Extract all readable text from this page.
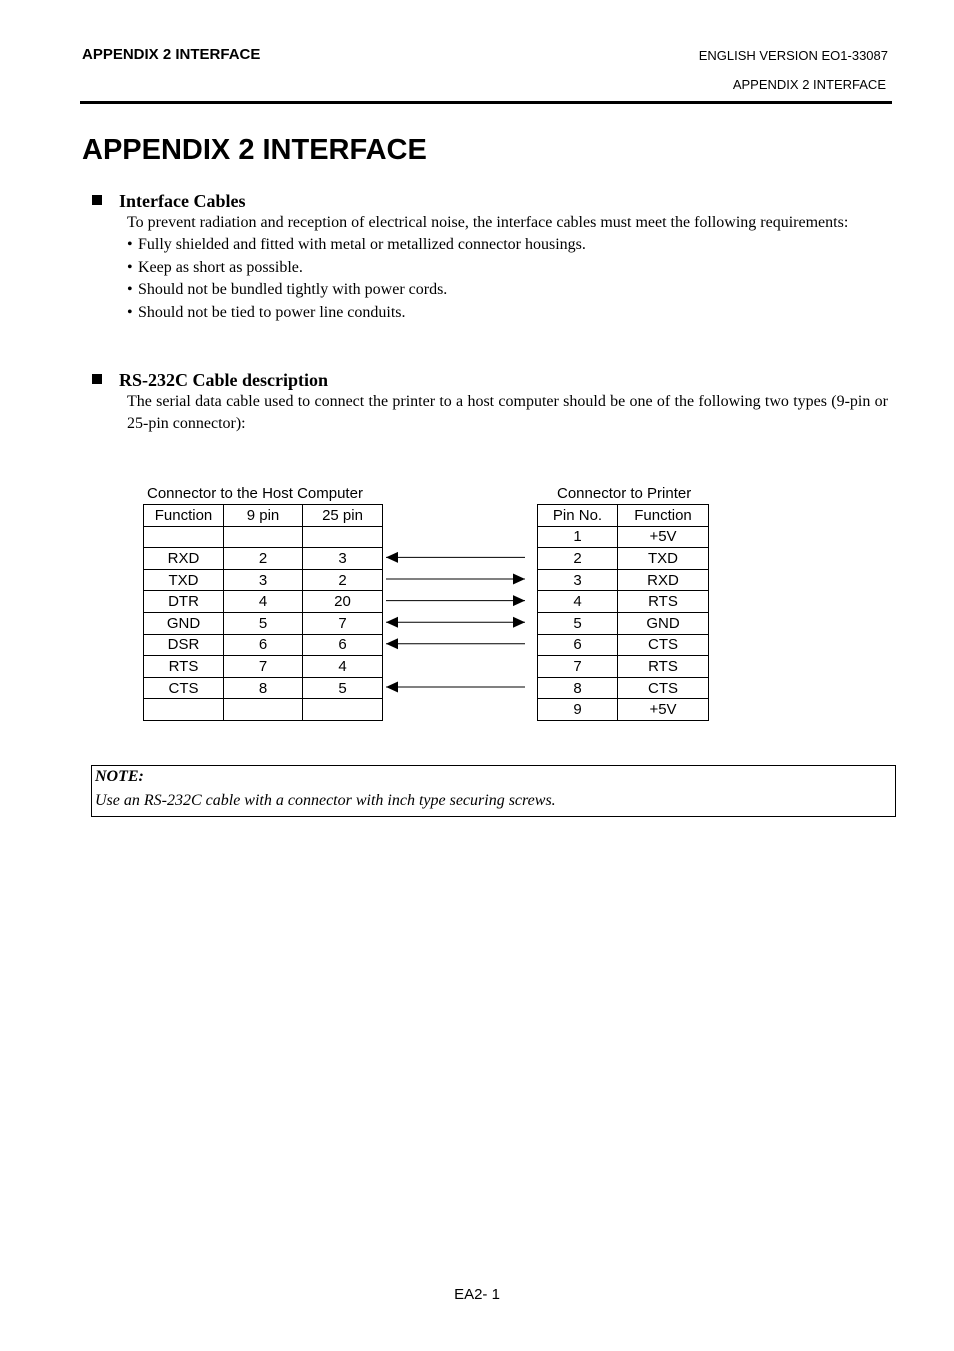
APPENDIX 2 INTERFACE	ENGLISH VERSION EO1-33087
APPENDIX 2 INTERFACE
APPENDIX 2 INTERFACE
Interface Cables
To prevent radiation and reception of electrical noise, the interface cables must meet the following requirements:
• Fully shielded and fitted with metal or metallized connector housings.
• Keep as short as possible.
• Should not be bundled tightly with power cords.
• Should not be tied to power line conduits.
RS-232C Cable description
The serial data cable used to connect the printer to a host computer should be one of the following two types (9-pin or 25-pin connector):
Connector to the Host Computer	Connector to Printer
Function	9 pin	25 pin

RXD	2	3
TXD	3	2
DTR	4	20
GND	5	7
DSR	6	6
RTS	7	4
CTS	8	5

Pin No.	Function
1	+5V
2	TXD
3	RXD
4	RTS
5	GND
6	CTS
7	RTS
8	CTS
9	+5V
NOTE:
Use an RS-232C cable with a connector with inch type securing screws.
EA2- 1
